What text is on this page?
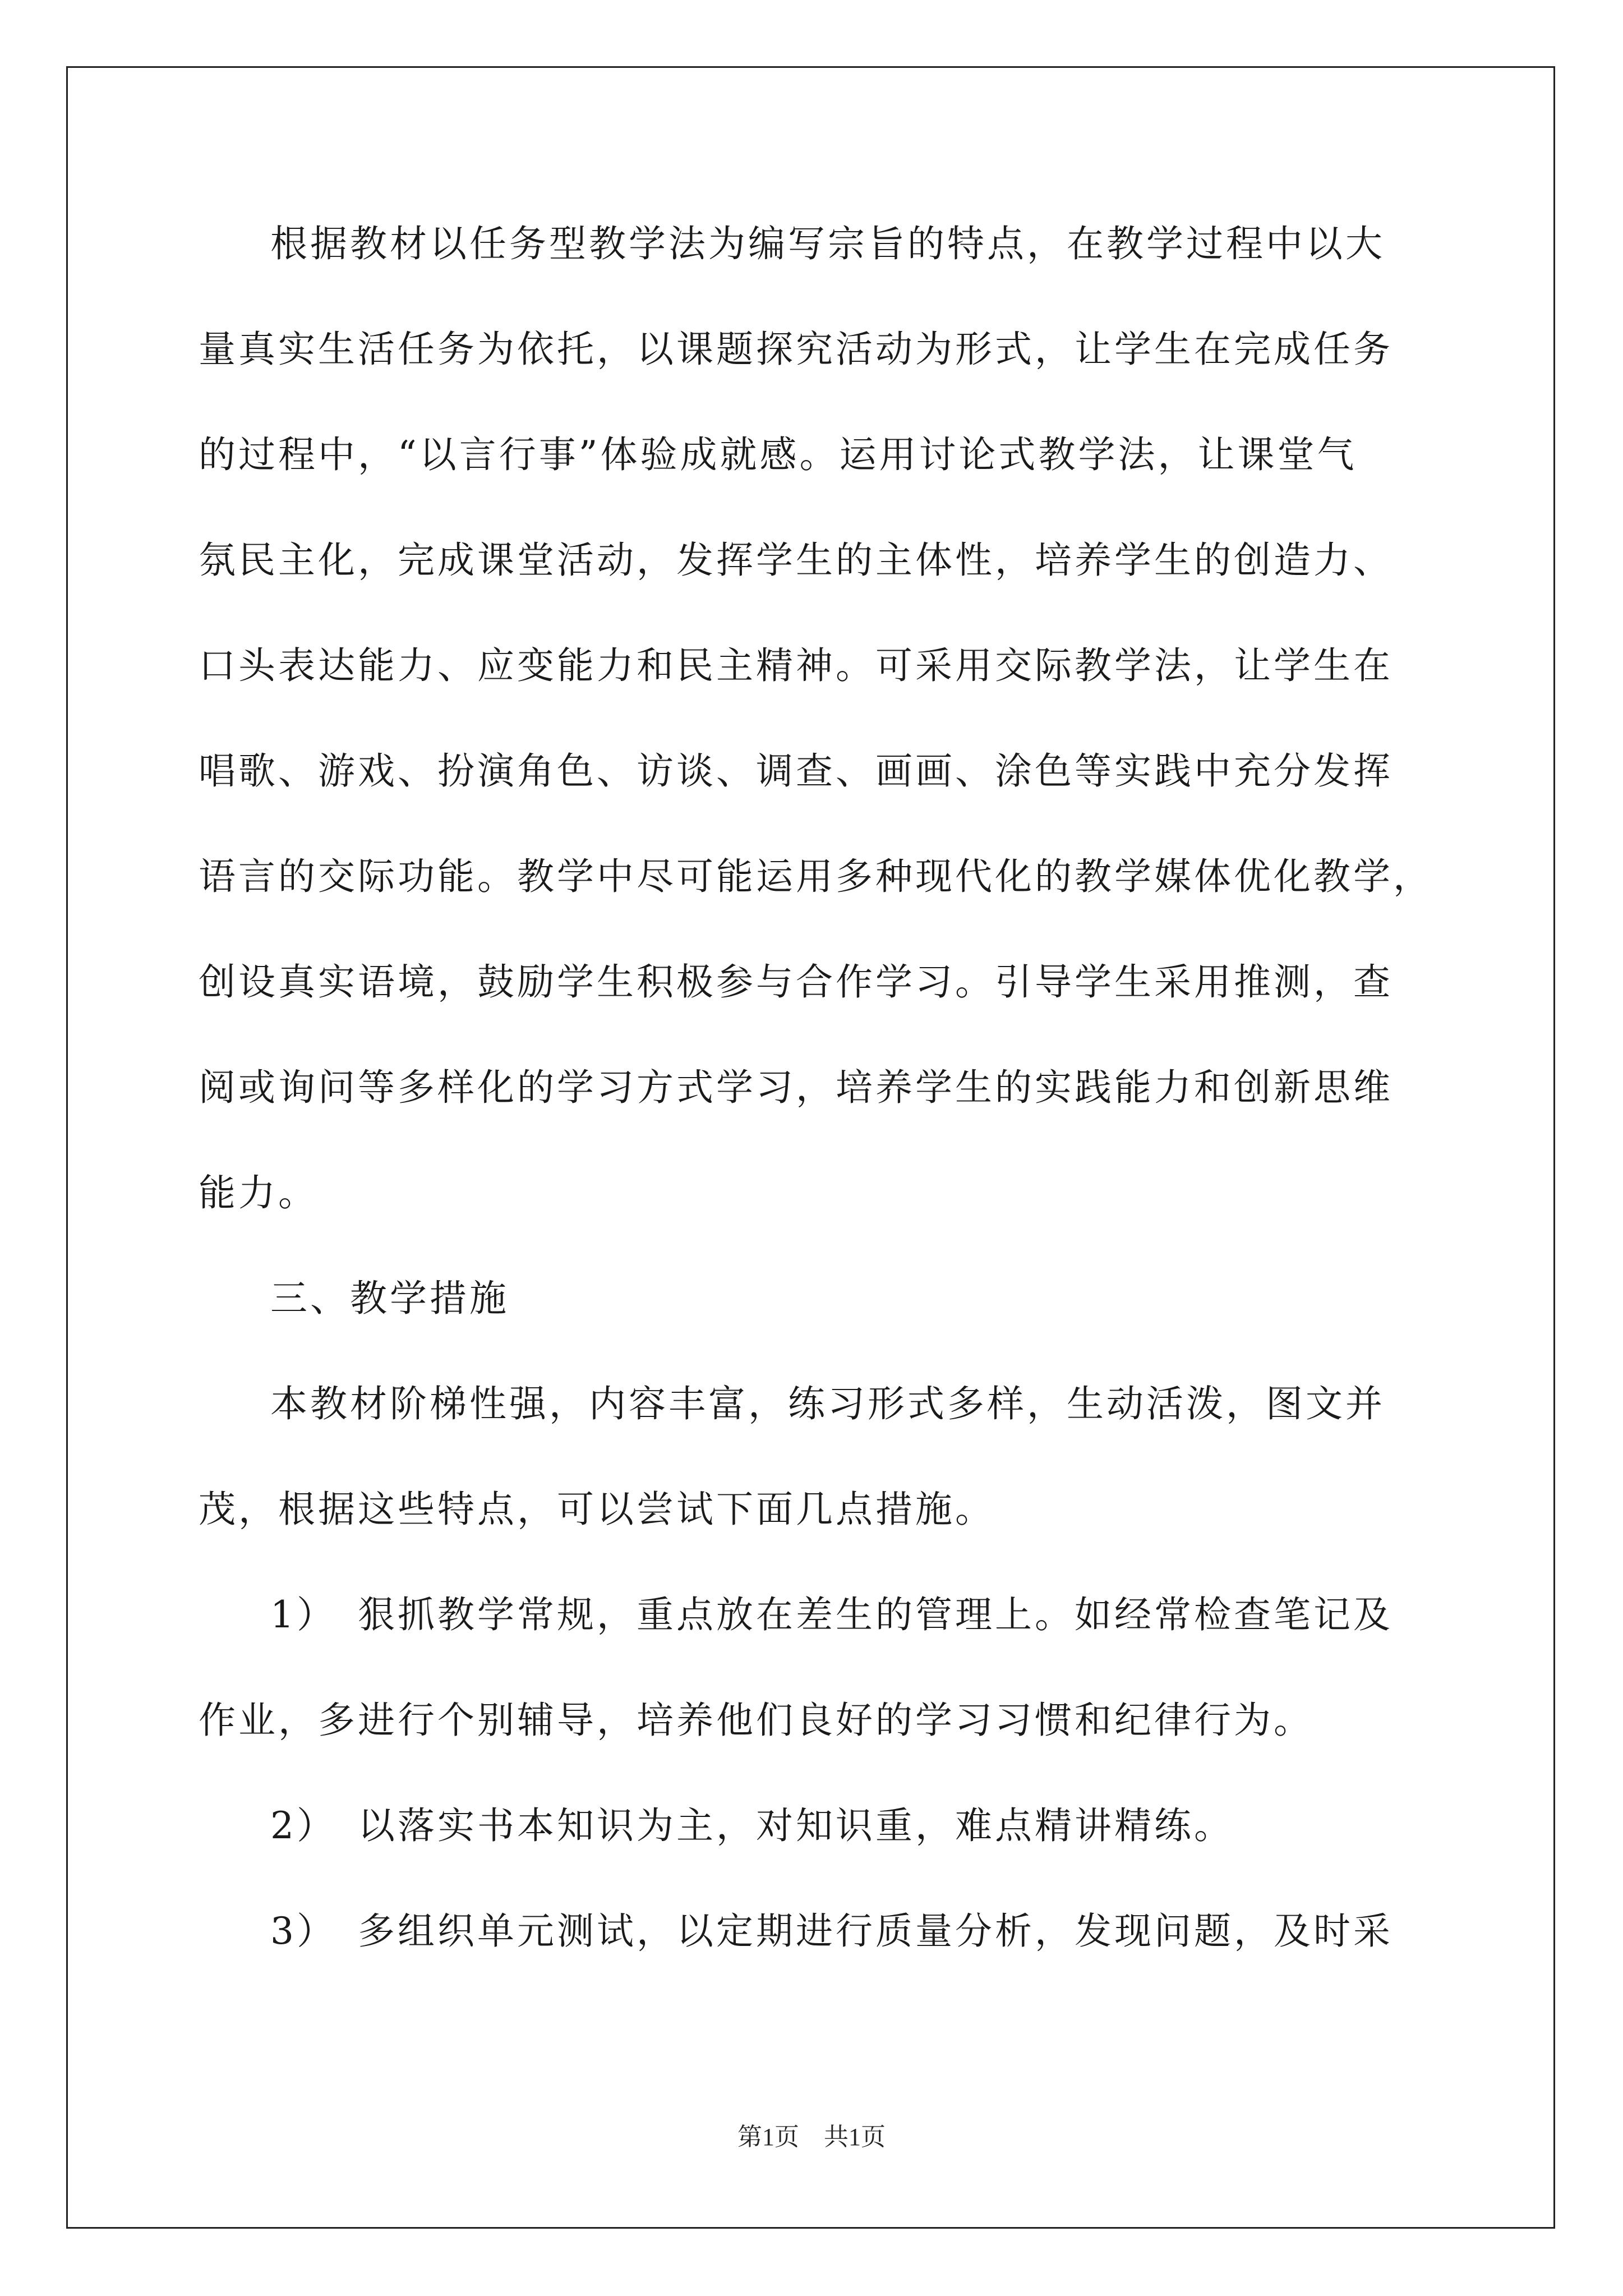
根据教材以任务型教学法为编写宗旨的特点，在教学过程中以大
量真实生活任务为依托，以课题探究活动为形式，让学生在完成任务
的过程中，“以言行事”体验成就感。运用讨论式教学法，让课堂气
氛民主化，完成课堂活动，发挥学生的主体性，培养学生的创造力、
口头表达能力、应变能力和民主精神。可采用交际教学法，让学生在
唱歌、游戏、扮演角色、访谈、调查、画画、涂色等实践中充分发挥
语言的交际功能。教学中尽可能运用多种现代化的教学媒体优化教学，
创设真实语境，鼓励学生积极参与合作学习。引导学生采用推测，查
阅或询问等多样化的学习方式学习，培养学生的实践能力和创新思维
能力。
三、教学措施
本教材阶梯性强，内容丰富，练习形式多样，生动活泼，图文并
茂，根据这些特点，可以尝试下面几点措施。
1）　狠抓教学常规，重点放在差生的管理上。如经常检查笔记及
作业，多进行个别辅导，培养他们良好的学习习惯和纪律行为。
2）　以落实书本知识为主，对知识重，难点精讲精练。
3）　多组织单元测试，以定期进行质量分析，发现问题，及时采
第1页　共1页
